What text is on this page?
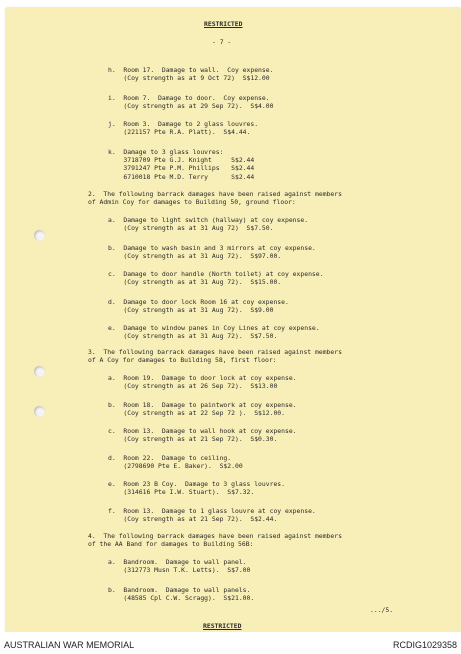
RESTRICTED
- 7 -
h.  Room 17.  Damage to wall.  Coy expense.
(Coy strength as at 9 Oct 72)  S$12.00
i.  Room 7.  Damage to door.  Coy expense.
(Coy strength as at 29 Sep 72).  S$4.00
j.  Room 3.  Damage to 2 glass louvres.
(221157 Pte R.A. Platt).  S$4.44.
k.  Damage to 3 glass louvres:
3718709 Pte G.J. Knight     S$2.44
3791247 Pte P.M. Phillips   S$2.44
6710018 Pte M.D. Terry      S$2.44
2.  The following barrack damages have been raised against members
of Admin Coy for damages to Building 50, ground floor:
a.  Damage to light switch (hallway) at coy expense.
(Coy strength as at 31 Aug 72)  S$7.50.
b.  Damage to wash basin and 3 mirrors at coy expense.
(Coy strength as at 31 Aug 72).  S$97.00.
c.  Damage to door handle (North toilet) at coy expense.
(Coy strength as at 31 Aug 72).  S$15.00.
d.  Damage to door lock Room 16 at coy expense.
(Coy strength as at 31 Aug 72).  S$9.00
e.  Damage to window panes in Coy Lines at coy expense.
(Coy strength as at 31 Aug 72).  S$7.50.
3.  The following barrack damages have been raised against members
of A Coy for damages to Building 58, first floor:
a.  Room 19.  Damage to door lock at coy expense.
(Coy strength as at 26 Sep 72).  S$13.00
b.  Room 18.  Damage to paintwork at coy expense.
(Coy strength as at 22 Sep 72 ).  S$12.00.
c.  Room 13.  Damage to wall hook at coy expense.
(Coy strength as at 21 Sep 72).  S$0.30.
d.  Room 22.  Damage to ceiling.
(2798690 Pte E. Baker).  S$2.00
e.  Room 23 B Coy.  Damage to 3 glass louvres.
(314616 Pte I.W. Stuart).  S$7.32.
f.  Room 13.  Damage to 1 glass louvre at coy expense.
(Coy strength as at 21 Sep 72).  S$2.44.
4.  The following barrack damages have been raised against members
of the AA Band for damages to Building 56B:
a.  Bandroom.  Damage to wall panel.
(312773 Musn T.K. Letts).  S$7.00
b.  Bandroom.  Damage to wall panels.
(48585 Cpl C.W. Scragg).  S$21.00.
.../5.
RESTRICTED
AUSTRALIAN WAR MEMORIAL	RCDIG1029358
